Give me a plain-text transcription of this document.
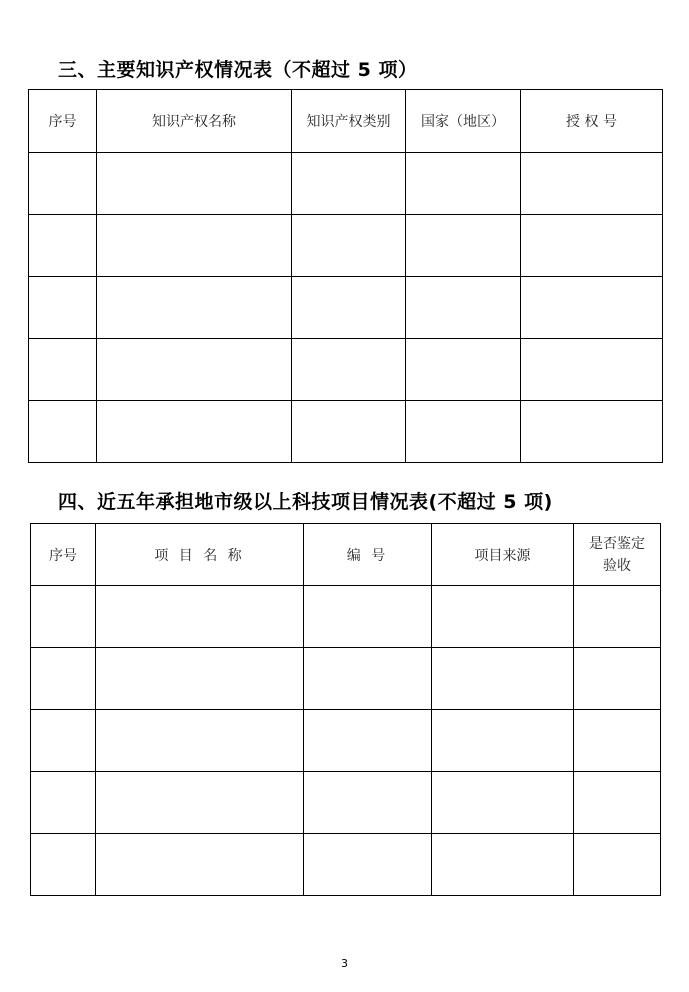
三、主要知识产权情况表（不超过 5 项）
序号	知识产权名称	知识产权类别	国家（地区）	授 权 号

四、近五年承担地市级以上科技项目情况表(不超过 5 项)
序号	项 目 名 称	编 号	项目来源	是否鉴定
验收

3
